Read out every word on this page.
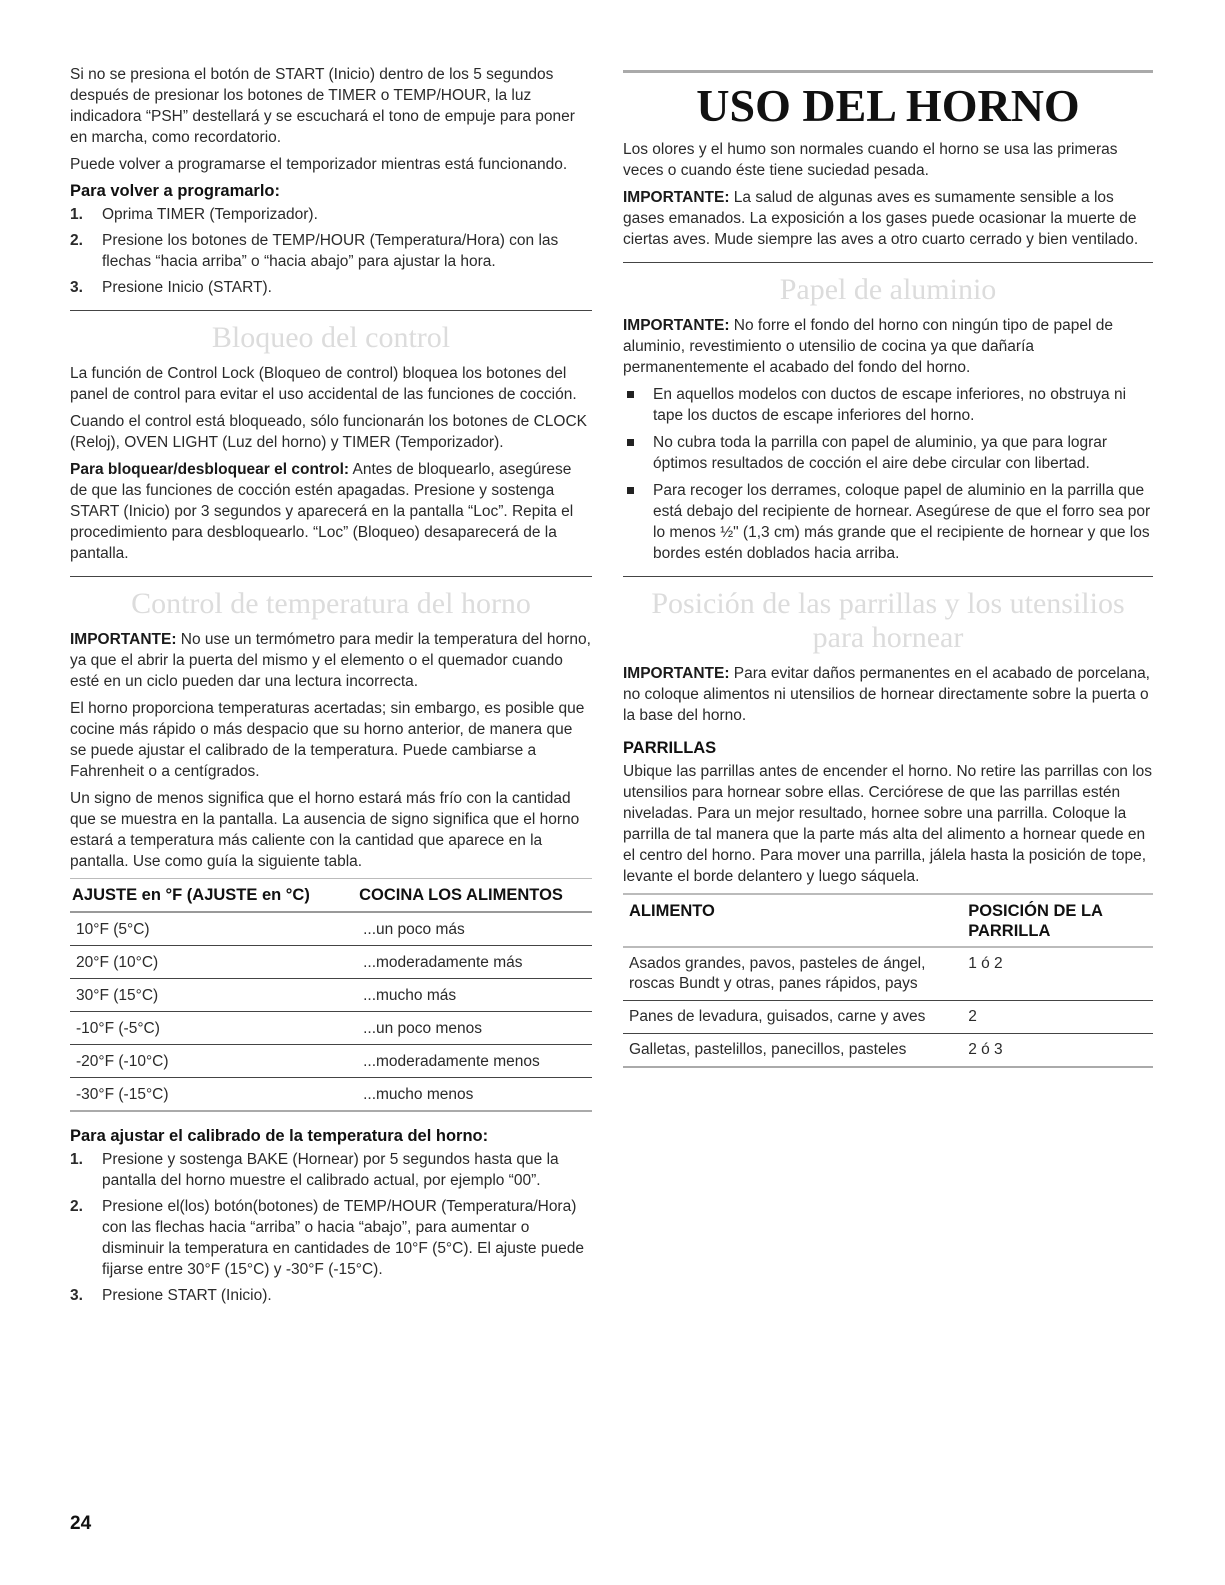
Si no se presiona el botón de START (Inicio) dentro de los 5 segundos después de presionar los botones de TIMER o TEMP/HOUR, la luz indicadora “PSH” destellará y se escuchará el tono de empuje para poner en marcha, como recordatorio.

Puede volver a programarse el temporizador mientras está funcionando.

Para volver a programarlo:
1. Oprima TIMER (Temporizador).
2. Presione los botones de TEMP/HOUR (Temperatura/Hora) con las flechas “hacia arriba” o “hacia abajo” para ajustar la hora.
3. Presione Inicio (START).
Bloqueo del control

La función de Control Lock (Bloqueo de control) bloquea los botones del panel de control para evitar el uso accidental de las funciones de cocción.

Cuando el control está bloqueado, sólo funcionarán los botones de CLOCK (Reloj), OVEN LIGHT (Luz del horno) y TIMER (Temporizador).

Para bloquear/desbloquear el control: Antes de bloquearlo, asegúrese de que las funciones de cocción estén apagadas. Presione y sostenga START (Inicio) por 3 segundos y aparecerá en la pantalla “Loc”. Repita el procedimiento para desbloquearlo. “Loc” (Bloqueo) desaparecerá de la pantalla.

Control de temperatura del horno

IMPORTANTE: No use un termómetro para medir la temperatura del horno, ya que el abrir la puerta del mismo y el elemento o el quemador cuando esté en un ciclo pueden dar una lectura incorrecta.

El horno proporciona temperaturas acertadas; sin embargo, es posible que cocine más rápido o más despacio que su horno anterior, de manera que se puede ajustar el calibrado de la temperatura. Puede cambiarse a Fahrenheit o a centígrados.

Un signo de menos significa que el horno estará más frío con la cantidad que se muestra en la pantalla. La ausencia de signo significa que el horno estará a temperatura más caliente con la cantidad que aparece en la pantalla. Use como guía la siguiente tabla.

AJUSTE en °F (AJUSTE en °C)	COCINA LOS ALIMENTOS
10°F (5°C)	...un poco más
20°F (10°C)	...moderadamente más
30°F (15°C)	...mucho más
-10°F (-5°C)	...un poco menos
-20°F (-10°C)	...moderadamente menos
-30°F (-15°C)	...mucho menos
Para ajustar el calibrado de la temperatura del horno:
1. Presione y sostenga BAKE (Hornear) por 5 segundos hasta que la pantalla del horno muestre el calibrado actual, por ejemplo “00”.
2. Presione el(los) botón(botones) de TEMP/HOUR (Temperatura/Hora) con las flechas hacia “arriba” o hacia “abajo”, para aumentar o disminuir la temperatura en cantidades de 10°F (5°C). El ajuste puede fijarse entre 30°F (15°C) y -30°F (-15°C).
3. Presione START (Inicio).
USO DEL HORNO

Los olores y el humo son normales cuando el horno se usa las primeras veces o cuando éste tiene suciedad pesada.

IMPORTANTE: La salud de algunas aves es sumamente sensible a los gases emanados. La exposición a los gases puede ocasionar la muerte de ciertas aves. Mude siempre las aves a otro cuarto cerrado y bien ventilado.

Papel de aluminio

IMPORTANTE: No forre el fondo del horno con ningún tipo de papel de aluminio, revestimiento o utensilio de cocina ya que dañaría permanentemente el acabado del fondo del horno.

En aquellos modelos con ductos de escape inferiores, no obstruya ni tape los ductos de escape inferiores del horno.
No cubra toda la parrilla con papel de aluminio, ya que para lograr óptimos resultados de cocción el aire debe circular con libertad.
Para recoger los derrames, coloque papel de aluminio en la parrilla que está debajo del recipiente de hornear. Asegúrese de que el forro sea por lo menos ½" (1,3 cm) más grande que el recipiente de hornear y que los bordes estén doblados hacia arriba.
Posición de las parrillas y los utensilios para hornear

IMPORTANTE: Para evitar daños permanentes en el acabado de porcelana, no coloque alimentos ni utensilios de hornear directamente sobre la puerta o la base del horno.

PARRILLAS

Ubique las parrillas antes de encender el horno. No retire las parrillas con los utensilios para hornear sobre ellas. Cerciórese de que las parrillas estén niveladas. Para un mejor resultado, hornee sobre una parrilla. Coloque la parrilla de tal manera que la parte más alta del alimento a hornear quede en el centro del horno. Para mover una parrilla, jálela hasta la posición de tope, levante el borde delantero y luego sáquela.

ALIMENTO	POSICIÓN DE LA PARRILLA
Asados grandes, pavos, pasteles de ángel, roscas Bundt y otras, panes rápidos, pays	1 ó 2
Panes de levadura, guisados, carne y aves	2
Galletas, pastelillos, panecillos, pasteles	2 ó 3
24
